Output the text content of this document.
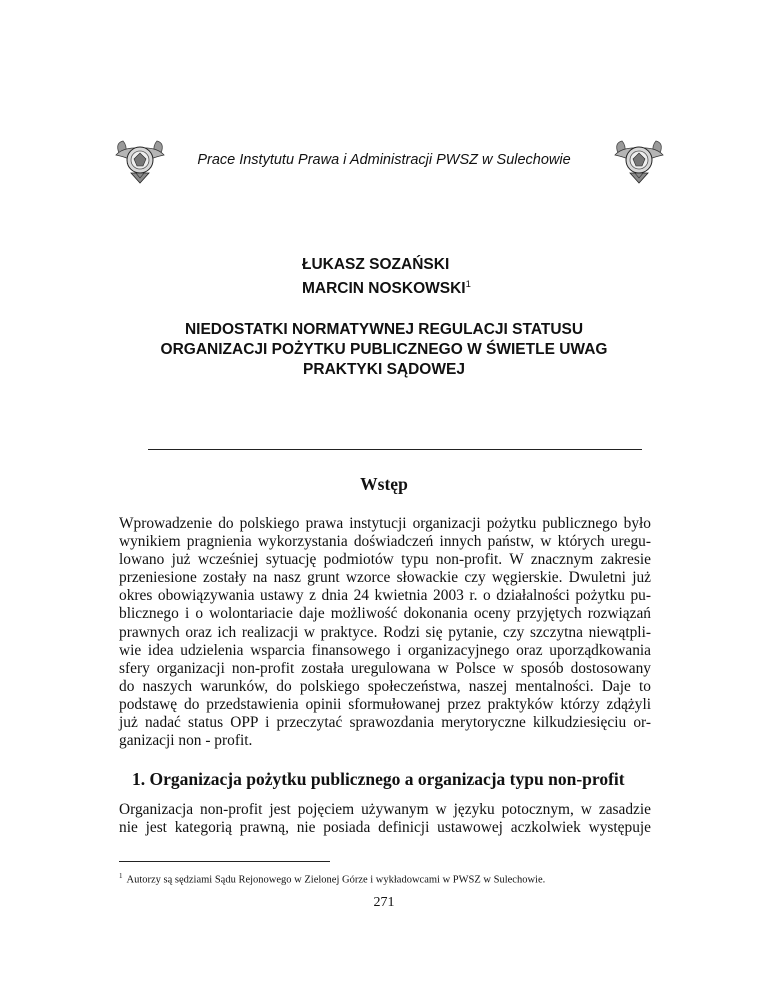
Prace Instytutu Prawa i Administracji PWSZ w Sulechowie
ŁUKASZ SOZAŃSKI
MARCIN NOSKOWSKI$^1$
NIEDOSTATKI NORMATYWNEJ REGULACJI STATUSU
ORGANIZACJI POŻYTKU PUBLICZNEGO W ŚWIETLE UWAG
PRAKTYKI SĄDOWEJ
Wstęp
Wprowadzenie do polskiego prawa instytucji organizacji pożytku publicznego było
wynikiem pragnienia wykorzystania doświadczeń innych państw, w których uregu-
lowano już wcześniej sytuację podmiotów typu non-profit. W znacznym zakresie
przeniesione zostały na nasz grunt wzorce słowackie czy węgierskie. Dwuletni już
okres obowiązywania ustawy z dnia 24 kwietnia 2003 r. o działalności pożytku pu-
blicznego i o wolontariacie daje możliwość dokonania oceny przyjętych rozwiązań
prawnych oraz ich realizacji w praktyce. Rodzi się pytanie, czy szczytna niewątpli-
wie idea udzielenia wsparcia finansowego i organizacyjnego oraz uporządkowania
sfery organizacji non-profit została uregulowana w Polsce w sposób dostosowany
do naszych warunków, do polskiego społeczeństwa, naszej mentalności. Daje to
podstawę do przedstawienia opinii sformułowanej przez praktyków którzy zdążyli
już nadać status OPP i przeczytać sprawozdania merytoryczne kilkudziesięciu or-
ganizacji non - profit.
1. Organizacja pożytku publicznego a organizacja typu non-profit
Organizacja non-profit jest pojęciem używanym w języku potocznym, w zasadzie
nie jest kategorią prawną, nie posiada definicji ustawowej aczkolwiek występuje
$^1$ Autorzy są sędziami Sądu Rejonowego w Zielonej Górze i wykładowcami w PWSZ w Sulechowie.
271
